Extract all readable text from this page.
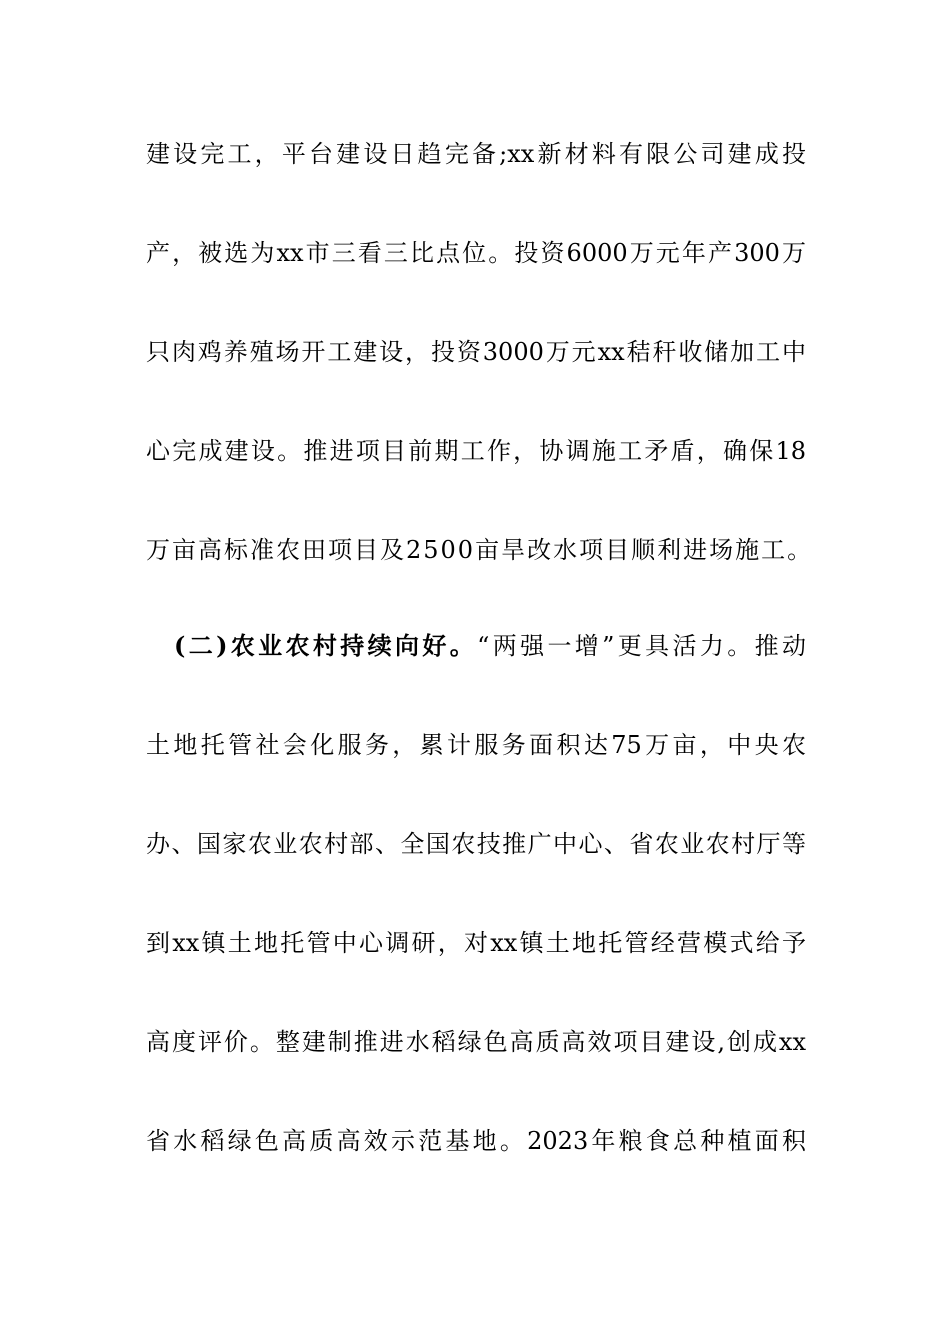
建设完工，平台建设日趋完备;xx新材料有限公司建成投
产，被选为xx市三看三比点位。投资6000万元年产300万
只肉鸡养殖场开工建设，投资3000万元xx秸秆收储加工中
心完成建设。推进项目前期工作，协调施工矛盾，确保18
万亩高标准农田项目及2500亩旱改水项目顺利进场施工。
(二)农业农村持续向好。“两强一增”更具活力。推动
土地托管社会化服务，累计服务面积达75万亩，中央农
办、国家农业农村部、全国农技推广中心、省农业农村厅等
到xx镇土地托管中心调研，对xx镇土地托管经营模式给予
高度评价。整建制推进水稻绿色高质高效项目建设,创成xx
省水稻绿色高质高效示范基地。2023年粮食总种植面积
